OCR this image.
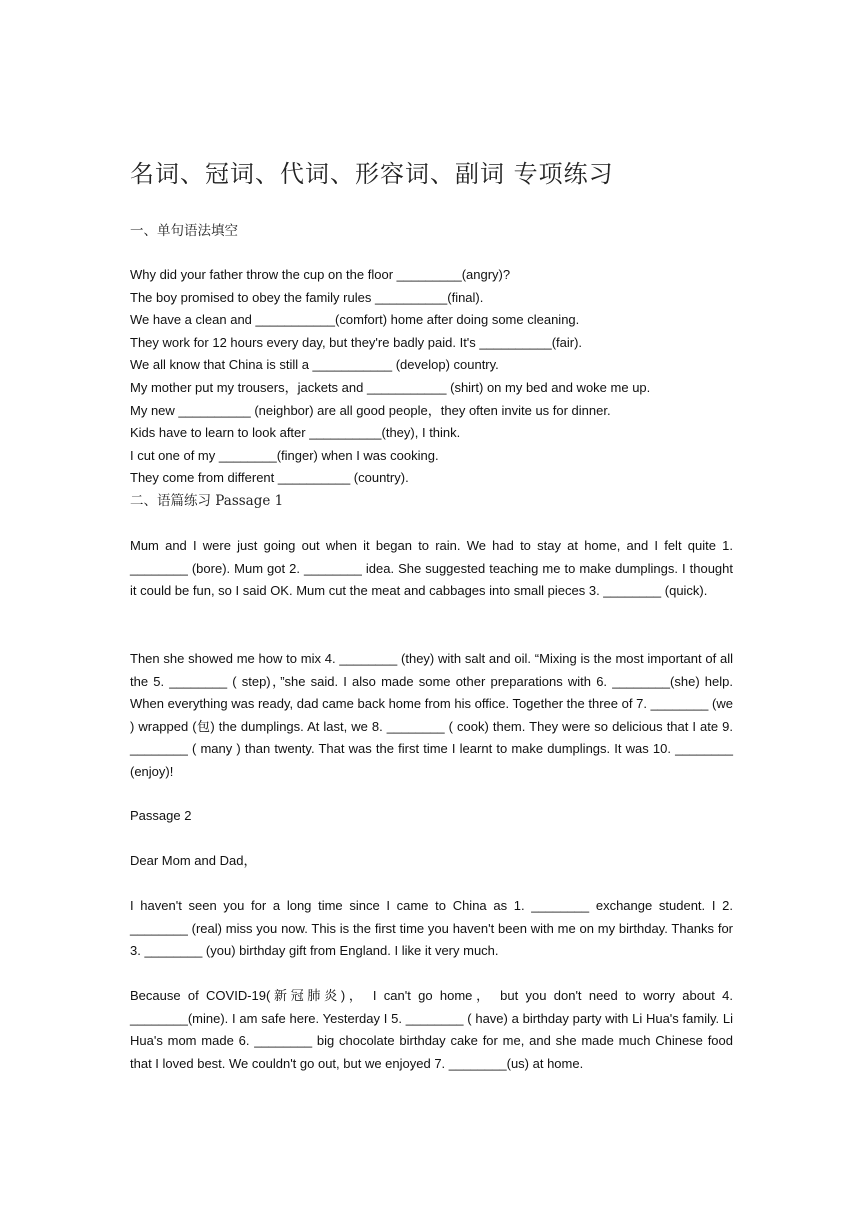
名词、冠词、代词、形容词、副词 专项练习
一、单句语法填空
Why did your father throw the cup on the floor _________(angry)?
The boy promised to obey the family rules __________(final).
We have a clean and ___________(comfort) home after doing some cleaning.
They work for 12 hours every day, but they're badly paid. It's __________(fair).
We all know that China is still a ___________ (develop) country.
My mother put my trousers，jackets and ___________ (shirt) on my bed and woke me up.
My new __________ (neighbor) are all good people，they often invite us for dinner.
Kids have to learn to look after __________(they), I think.
I cut one of my ________(finger) when I was cooking.
They come from different __________ (country).
二、语篇练习 Passage 1
Mum and I were just going out when it began to rain. We had to stay at home, and I felt quite 1. ________ (bore). Mum got 2. ________ idea. She suggested teaching me to make dumplings. I thought it could be fun, so I said OK. Mum cut the meat and cabbages into small pieces 3. ________ (quick).
Then she showed me how to mix 4. ________ (they) with salt and oil. “Mixing is the most important of all the 5. ________ ( step)，”she said. I also made some other preparations with 6. ________(she) help. When everything was ready, dad came back home from his office. Together the three of 7. ________ (we ) wrapped (包) the dumplings. At last, we 8. ________ ( cook) them. They were so delicious that I ate 9. ________ ( many ) than twenty. That was the first time I learnt to make dumplings. It was 10. ________ (enjoy)!
Passage 2
Dear Mom and Dad，
I haven't seen you for a long time since I came to China as 1. ________ exchange student. I 2. ________ (real) miss you now. This is the first time you haven't been with me on my birthday. Thanks for 3. ________ (you) birthday gift from England. I like it very much.
Because of COVID-19(新冠肺炎)， I can't go home， but you don't need to worry about 4. ________(mine). I am safe here. Yesterday I 5. ________ ( have) a birthday party with Li Hua's family. Li Hua's mom made 6. ________ big chocolate birthday cake for me, and she made much Chinese food that I loved best. We couldn't go out, but we enjoyed 7. ________(us) at home.
